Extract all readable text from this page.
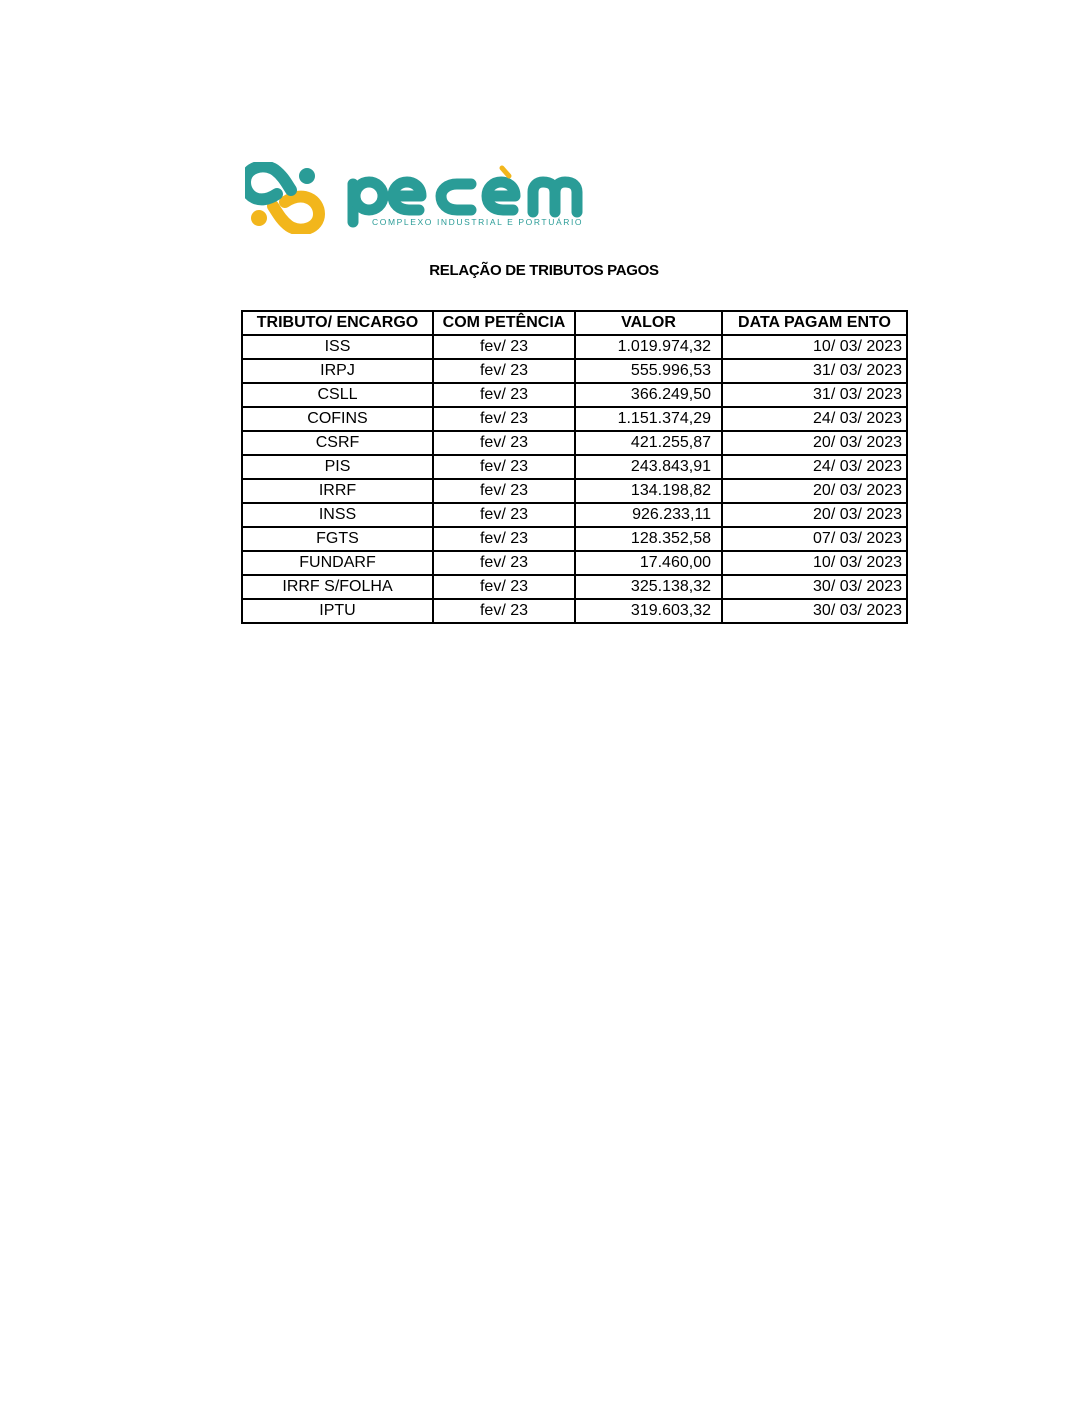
COMPLEXO INDUSTRIAL E PORTUÁRIO
RELAÇÃO DE TRIBUTOS PAGOS
TRIBUTO/ ENCARGO	COM PETÊNCIA	VALOR	DATA PAGAM ENTO
ISS	fev/ 23	1.019.974,32	10/ 03/ 2023
IRPJ	fev/ 23	555.996,53	31/ 03/ 2023
CSLL	fev/ 23	366.249,50	31/ 03/ 2023
COFINS	fev/ 23	1.151.374,29	24/ 03/ 2023
CSRF	fev/ 23	421.255,87	20/ 03/ 2023
PIS	fev/ 23	243.843,91	24/ 03/ 2023
IRRF	fev/ 23	134.198,82	20/ 03/ 2023
INSS	fev/ 23	926.233,11	20/ 03/ 2023
FGTS	fev/ 23	128.352,58	07/ 03/ 2023
FUNDARF	fev/ 23	17.460,00	10/ 03/ 2023
IRRF S/FOLHA	fev/ 23	325.138,32	30/ 03/ 2023
IPTU	fev/ 23	319.603,32	30/ 03/ 2023
